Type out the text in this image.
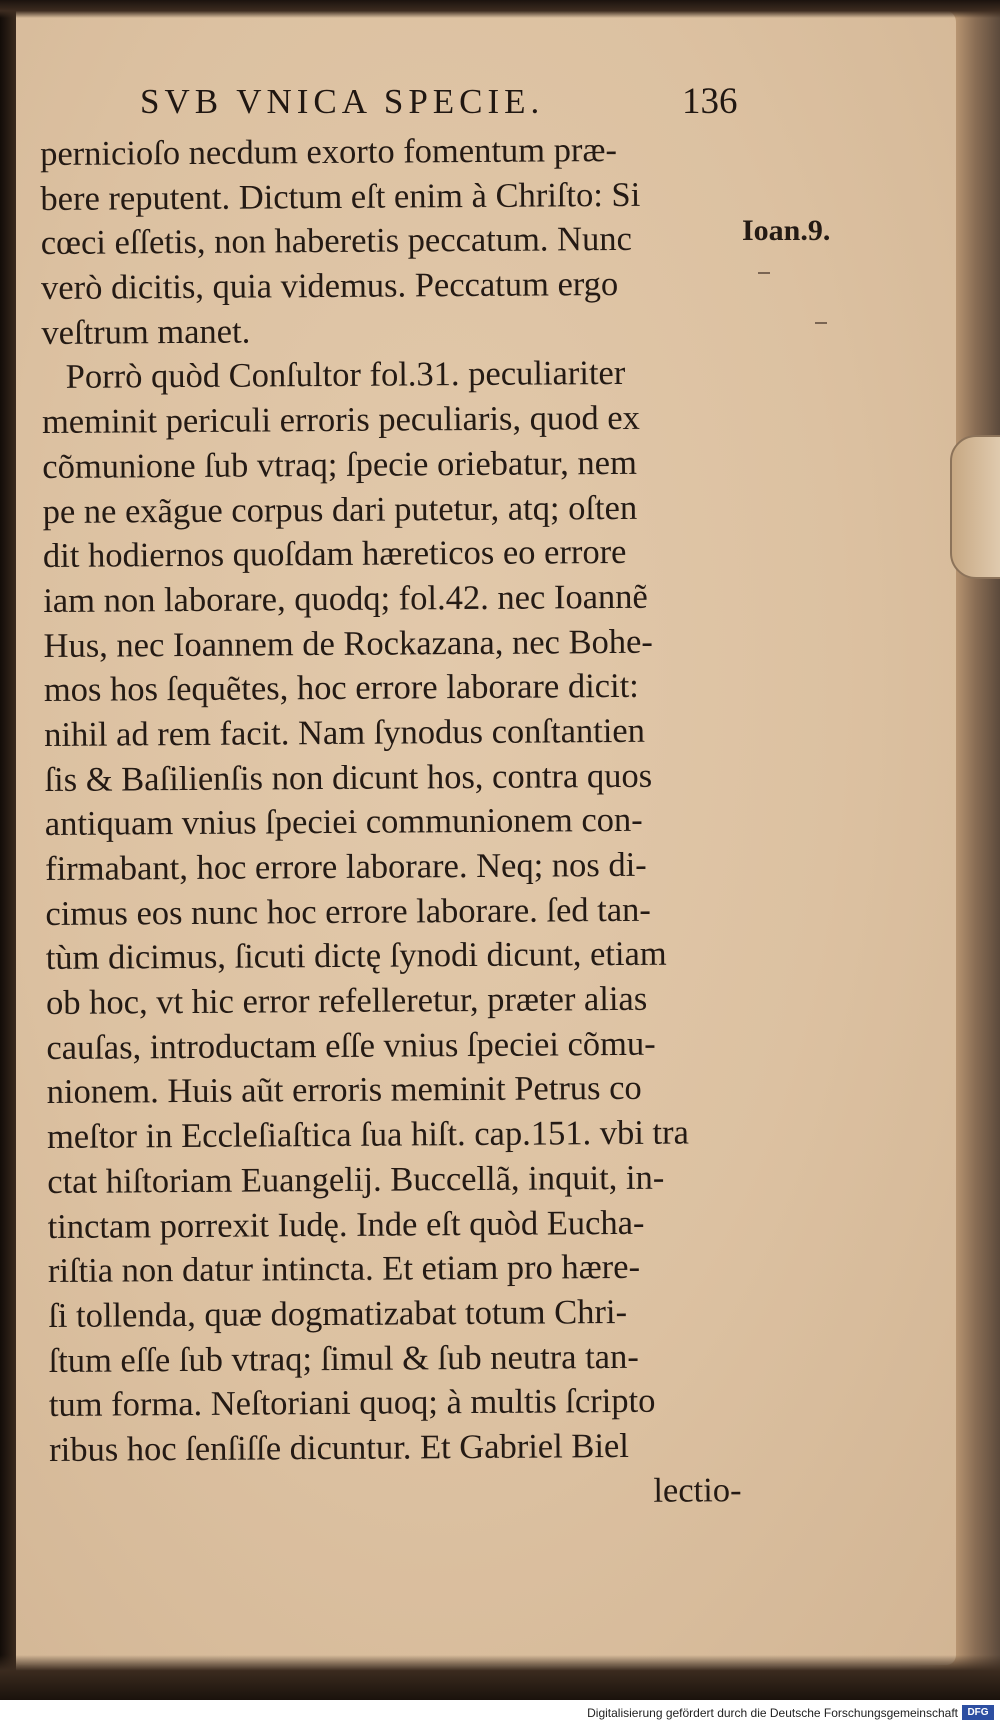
SVB VNICA SPECIE.	136
pernicioſo necdum exorto fomentum præ-
bere reputent. Dictum eſt enim à Chriſto: Si
cœci eſſetis, non haberetis peccatum. Nunc
verò dicitis, quia videmus. Peccatum ergo
veſtrum manet.
Porrò quòd Conſultor fol.31. peculiariter
meminit periculi erroris peculiaris, quod ex
cõmunione ſub vtraq; ſpecie oriebatur, nem
pe ne exãgue corpus dari putetur, atq; oſten
dit hodiernos quoſdam hæreticos eo errore
iam non laborare, quodq; fol.42. nec Ioannẽ
Hus, nec Ioannem de Rockazana, nec Bohe-
mos hos ſequẽtes, hoc errore laborare dicit:
nihil ad rem facit. Nam ſynodus conſtantien
ſis & Baſilienſis non dicunt hos, contra quos
antiquam vnius ſpeciei communionem con-
firmabant, hoc errore laborare. Neq; nos di-
cimus eos nunc hoc errore laborare. ſed tan-
tùm dicimus, ſicuti dictę ſynodi dicunt, etiam
ob hoc, vt hic error refelleretur, præter alias
cauſas, introductam eſſe vnius ſpeciei cõmu-
nionem. Huis aũt erroris meminit Petrus co
meſtor in Eccleſiaſtica ſua hiſt. cap.151. vbi tra
ctat hiſtoriam Euangelij. Buccellã, inquit, in-
tinctam porrexit Iudę. Inde eſt quòd Eucha-
riſtia non datur intincta. Et etiam pro hære-
ſi tollenda, quæ dogmatizabat totum Chri-
ſtum eſſe ſub vtraq; ſimul & ſub neutra tan-
tum forma. Neſtoriani quoq; à multis ſcripto
ribus hoc ſenſiſſe dicuntur. Et Gabriel Biel
lectio-
Ioan.9.
Digitalisierung gefördert durch die Deutsche Forschungsgemeinschaft DFG
